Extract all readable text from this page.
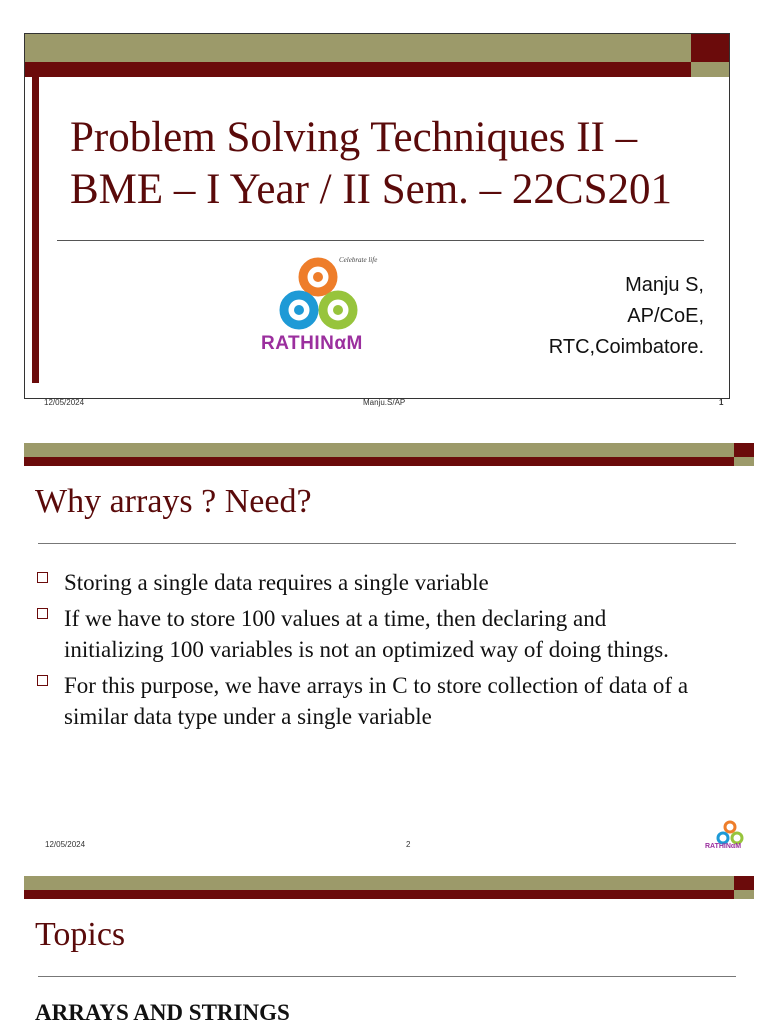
Problem Solving Techniques II –
BME – I Year / II Sem. – 22CS201
Celebrate life
RATHINαM
Manju S,
AP/CoE,
RTC,Coimbatore.
12/05/2024	Manju.S/AP	1
Why arrays ? Need?
Storing a single data requires a single variable
If we have to store 100 values at a time, then declaring and initializing 100 variables is not an optimized way of doing things.
For this purpose, we have arrays in C to store collection of data of a similar data type under a single variable
12/05/2024	2	RATHINαM
Topics
ARRAYS AND STRINGS
